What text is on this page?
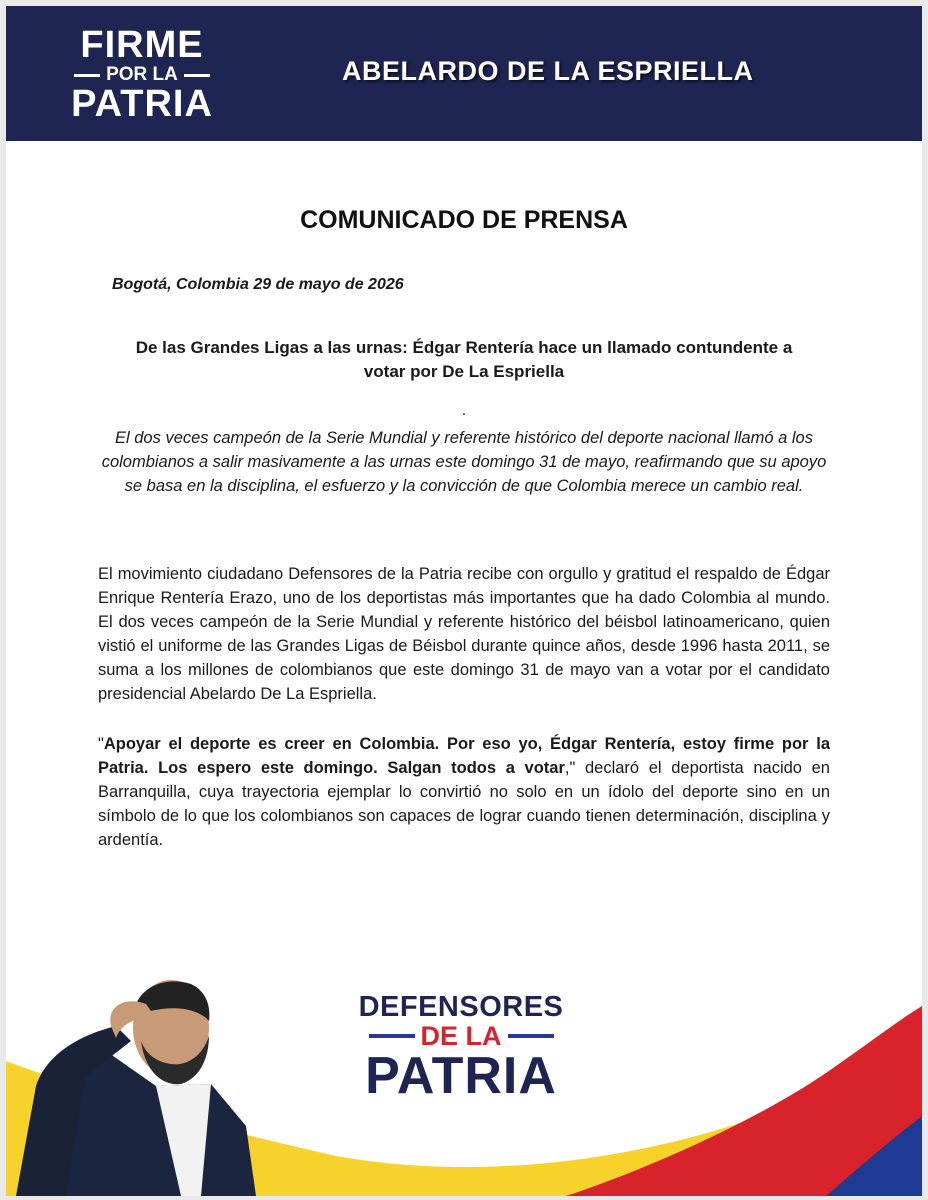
FIRME
POR LA
PATRIA
ABELARDO DE LA ESPRIELLA
COMUNICADO DE PRENSA
Bogotá, Colombia 29 de mayo de 2026
De las Grandes Ligas a las urnas: Édgar Rentería hace un llamado contundente a
votar por De La Espriella
.
El dos veces campeón de la Serie Mundial y referente histórico del deporte nacional llamó a los colombianos a salir masivamente a las urnas este domingo 31 de mayo, reafirmando que su apoyo se basa en la disciplina, el esfuerzo y la convicción de que Colombia merece un cambio real.
El movimiento ciudadano Defensores de la Patria recibe con orgullo y gratitud el respaldo de Édgar Enrique Rentería Erazo, uno de los deportistas más importantes que ha dado Colombia al mundo. El dos veces campeón de la Serie Mundial y referente histórico del béisbol latinoamericano, quien vistió el uniforme de las Grandes Ligas de Béisbol durante quince años, desde 1996 hasta 2011, se suma a los millones de colombianos que este domingo 31 de mayo van a votar por el candidato presidencial Abelardo De La Espriella.
"Apoyar el deporte es creer en Colombia. Por eso yo, Édgar Rentería, estoy firme por la Patria. Los espero este domingo. Salgan todos a votar," declaró el deportista nacido en Barranquilla, cuya trayectoria ejemplar lo convirtió no solo en un ídolo del deporte sino en un símbolo de lo que los colombianos son capaces de lograr cuando tienen determinación, disciplina y ardentía.
DEFENSORES
DE LA
PATRIA
